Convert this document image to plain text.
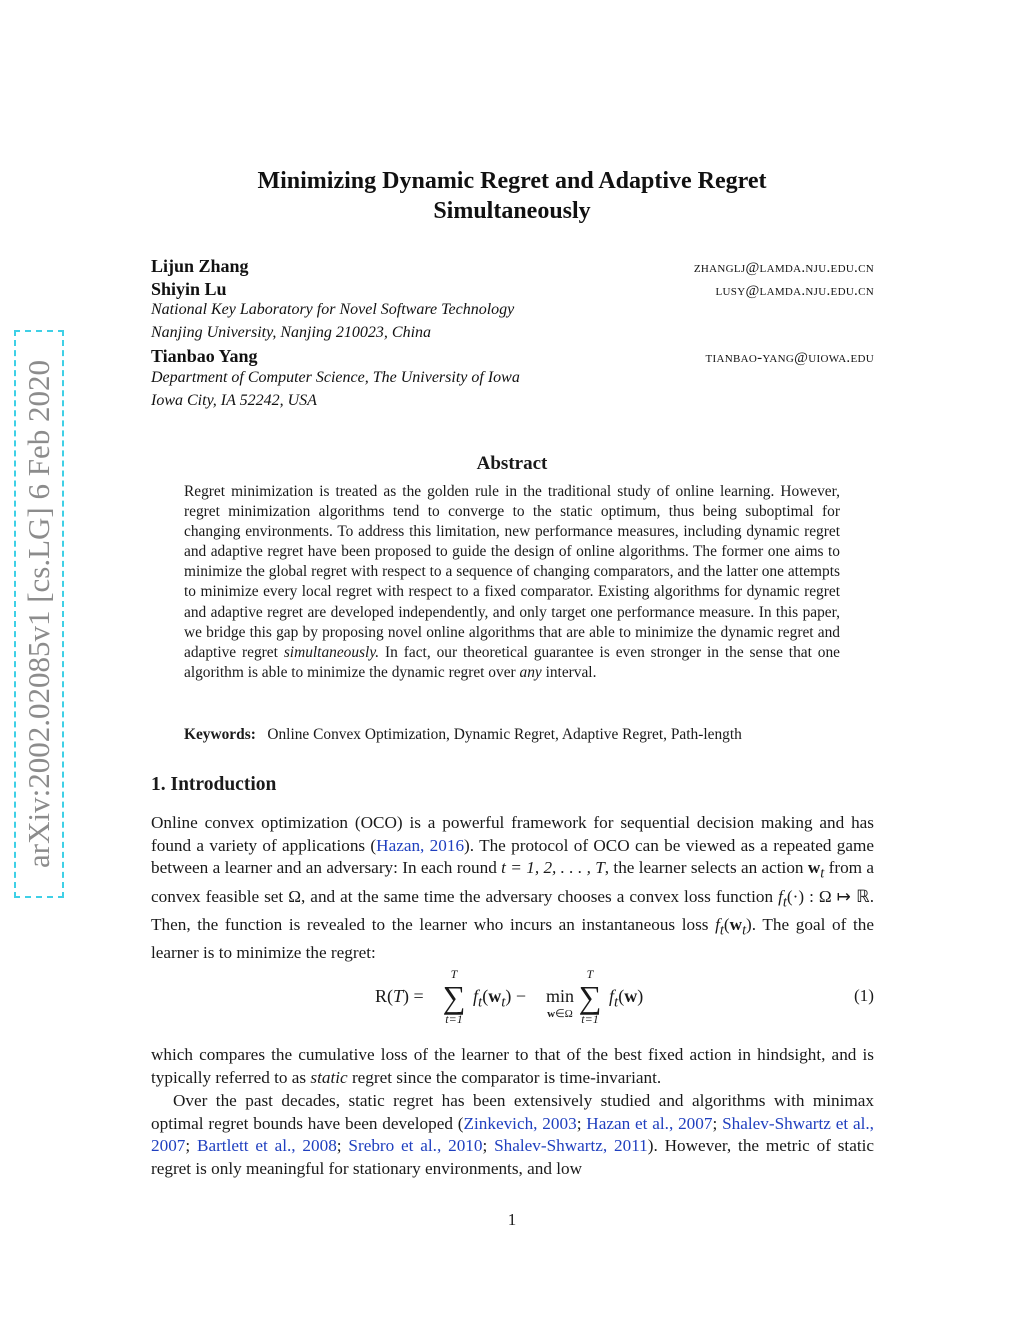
arXiv:2002.02085v1 [cs.LG] 6 Feb 2020
Minimizing Dynamic Regret and Adaptive Regret
Simultaneously
Lijun Zhang	zhanglj@lamda.nju.edu.cn
Shiyin Lu	lusy@lamda.nju.edu.cn
National Key Laboratory for Novel Software Technology
Nanjing University, Nanjing 210023, China
Tianbao Yang	tianbao-yang@uiowa.edu
Department of Computer Science, The University of Iowa
Iowa City, IA 52242, USA
Abstract
Regret minimization is treated as the golden rule in the traditional study of online learning. However, regret minimization algorithms tend to converge to the static optimum, thus being suboptimal for changing environments. To address this limitation, new performance measures, including dynamic regret and adaptive regret have been proposed to guide the design of online algorithms. The former one aims to minimize the global regret with respect to a sequence of changing comparators, and the latter one attempts to minimize every local regret with respect to a fixed comparator. Existing algorithms for dynamic regret and adaptive regret are developed independently, and only target one performance measure. In this paper, we bridge this gap by proposing novel online algorithms that are able to minimize the dynamic regret and adaptive regret simultaneously. In fact, our theoretical guarantee is even stronger in the sense that one algorithm is able to minimize the dynamic regret over any interval.
Keywords: Online Convex Optimization, Dynamic Regret, Adaptive Regret, Path-length
1. Introduction
Online convex optimization (OCO) is a powerful framework for sequential decision making and has found a variety of applications (Hazan, 2016). The protocol of OCO can be viewed as a repeated game between a learner and an adversary: In each round t = 1, 2, . . . , T, the learner selects an action $w_t$ from a convex feasible set Ω, and at the same time the adversary chooses a convex loss function $f_t(\cdot)$ : Ω ↦ ℝ. Then, the function is revealed to the learner who incurs an instantaneous loss $f_t(w_t)$. The goal of the learner is to minimize the regret:
R(T) =
T
∑
t=1
$f_t(w_t) - \min$
$^{w\in\Omega}$
T
∑
t=1
$f_t(w)$	(1)
which compares the cumulative loss of the learner to that of the best fixed action in hindsight, and is typically referred to as static regret since the comparator is time-invariant.
Over the past decades, static regret has been extensively studied and algorithms with minimax optimal regret bounds have been developed (Zinkevich, 2003; Hazan et al., 2007; Shalev-Shwartz et al., 2007; Bartlett et al., 2008; Srebro et al., 2010; Shalev-Shwartz, 2011). However, the metric of static regret is only meaningful for stationary environments, and low
1
